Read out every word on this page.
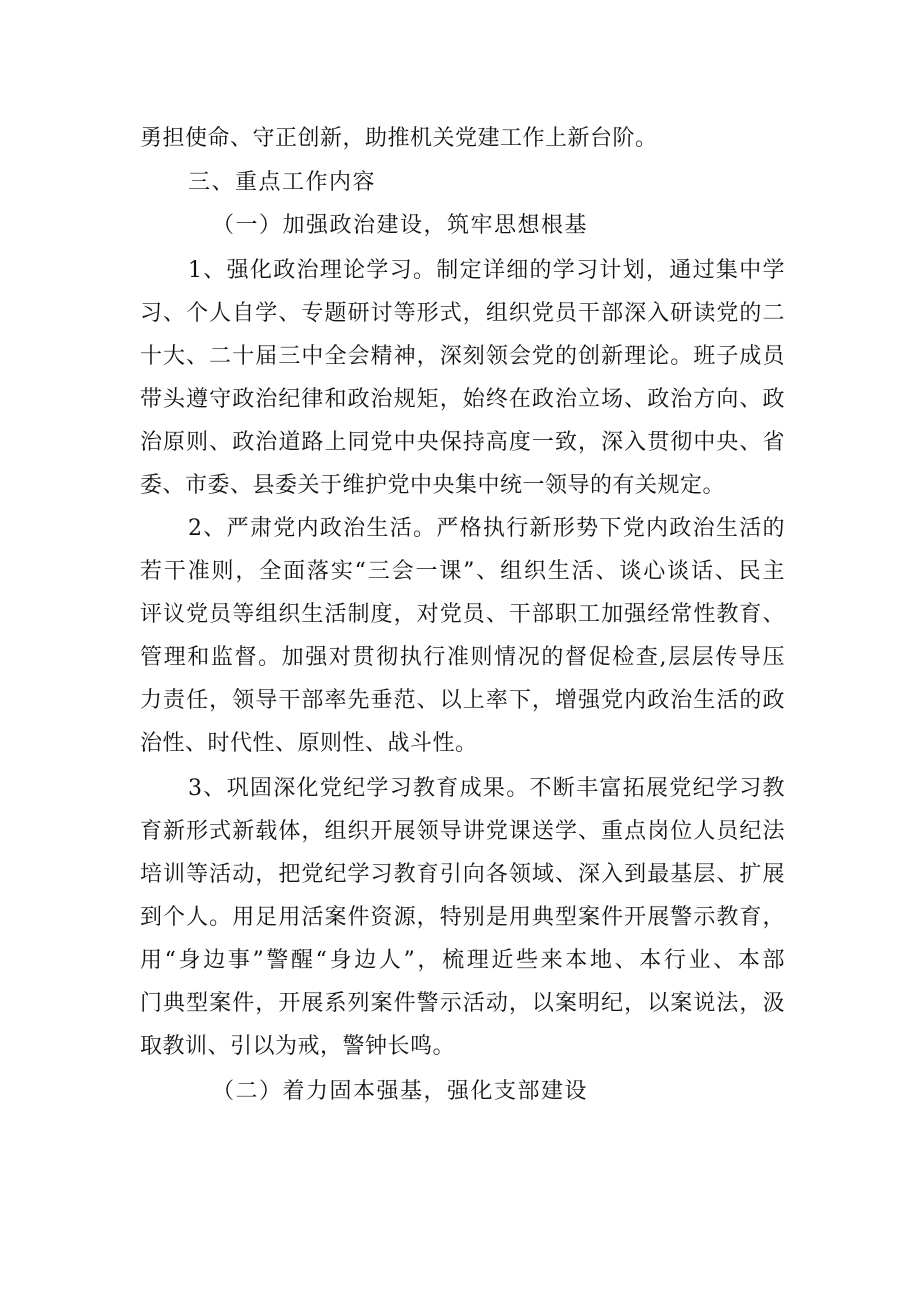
勇担使命、守正创新，助推机关党建工作上新台阶。
三、重点工作内容
（一）加强政治建设，筑牢思想根基
1、强化政治理论学习。制定详细的学习计划，通过集中学
习、个人自学、专题研讨等形式，组织党员干部深入研读党的二
十大、二十届三中全会精神，深刻领会党的创新理论。班子成员
带头遵守政治纪律和政治规矩，始终在政治立场、政治方向、政
治原则、政治道路上同党中央保持高度一致，深入贯彻中央、省
委、市委、县委关于维护党中央集中统一领导的有关规定。
2、严肃党内政治生活。严格执行新形势下党内政治生活的
若干准则，全面落实“三会一课”、组织生活、谈心谈话、民主
评议党员等组织生活制度，对党员、干部职工加强经常性教育、
管理和监督。加强对贯彻执行准则情况的督促检查,层层传导压
力责任，领导干部率先垂范、以上率下，增强党内政治生活的政
治性、时代性、原则性、战斗性。
3、巩固深化党纪学习教育成果。不断丰富拓展党纪学习教
育新形式新载体，组织开展领导讲党课送学、重点岗位人员纪法
培训等活动，把党纪学习教育引向各领域、深入到最基层、扩展
到个人。用足用活案件资源，特别是用典型案件开展警示教育，
用“身边事”警醒“身边人”，梳理近些来本地、本行业、本部
门典型案件，开展系列案件警示活动，以案明纪，以案说法，汲
取教训、引以为戒，警钟长鸣。
（二）着力固本强基，强化支部建设
